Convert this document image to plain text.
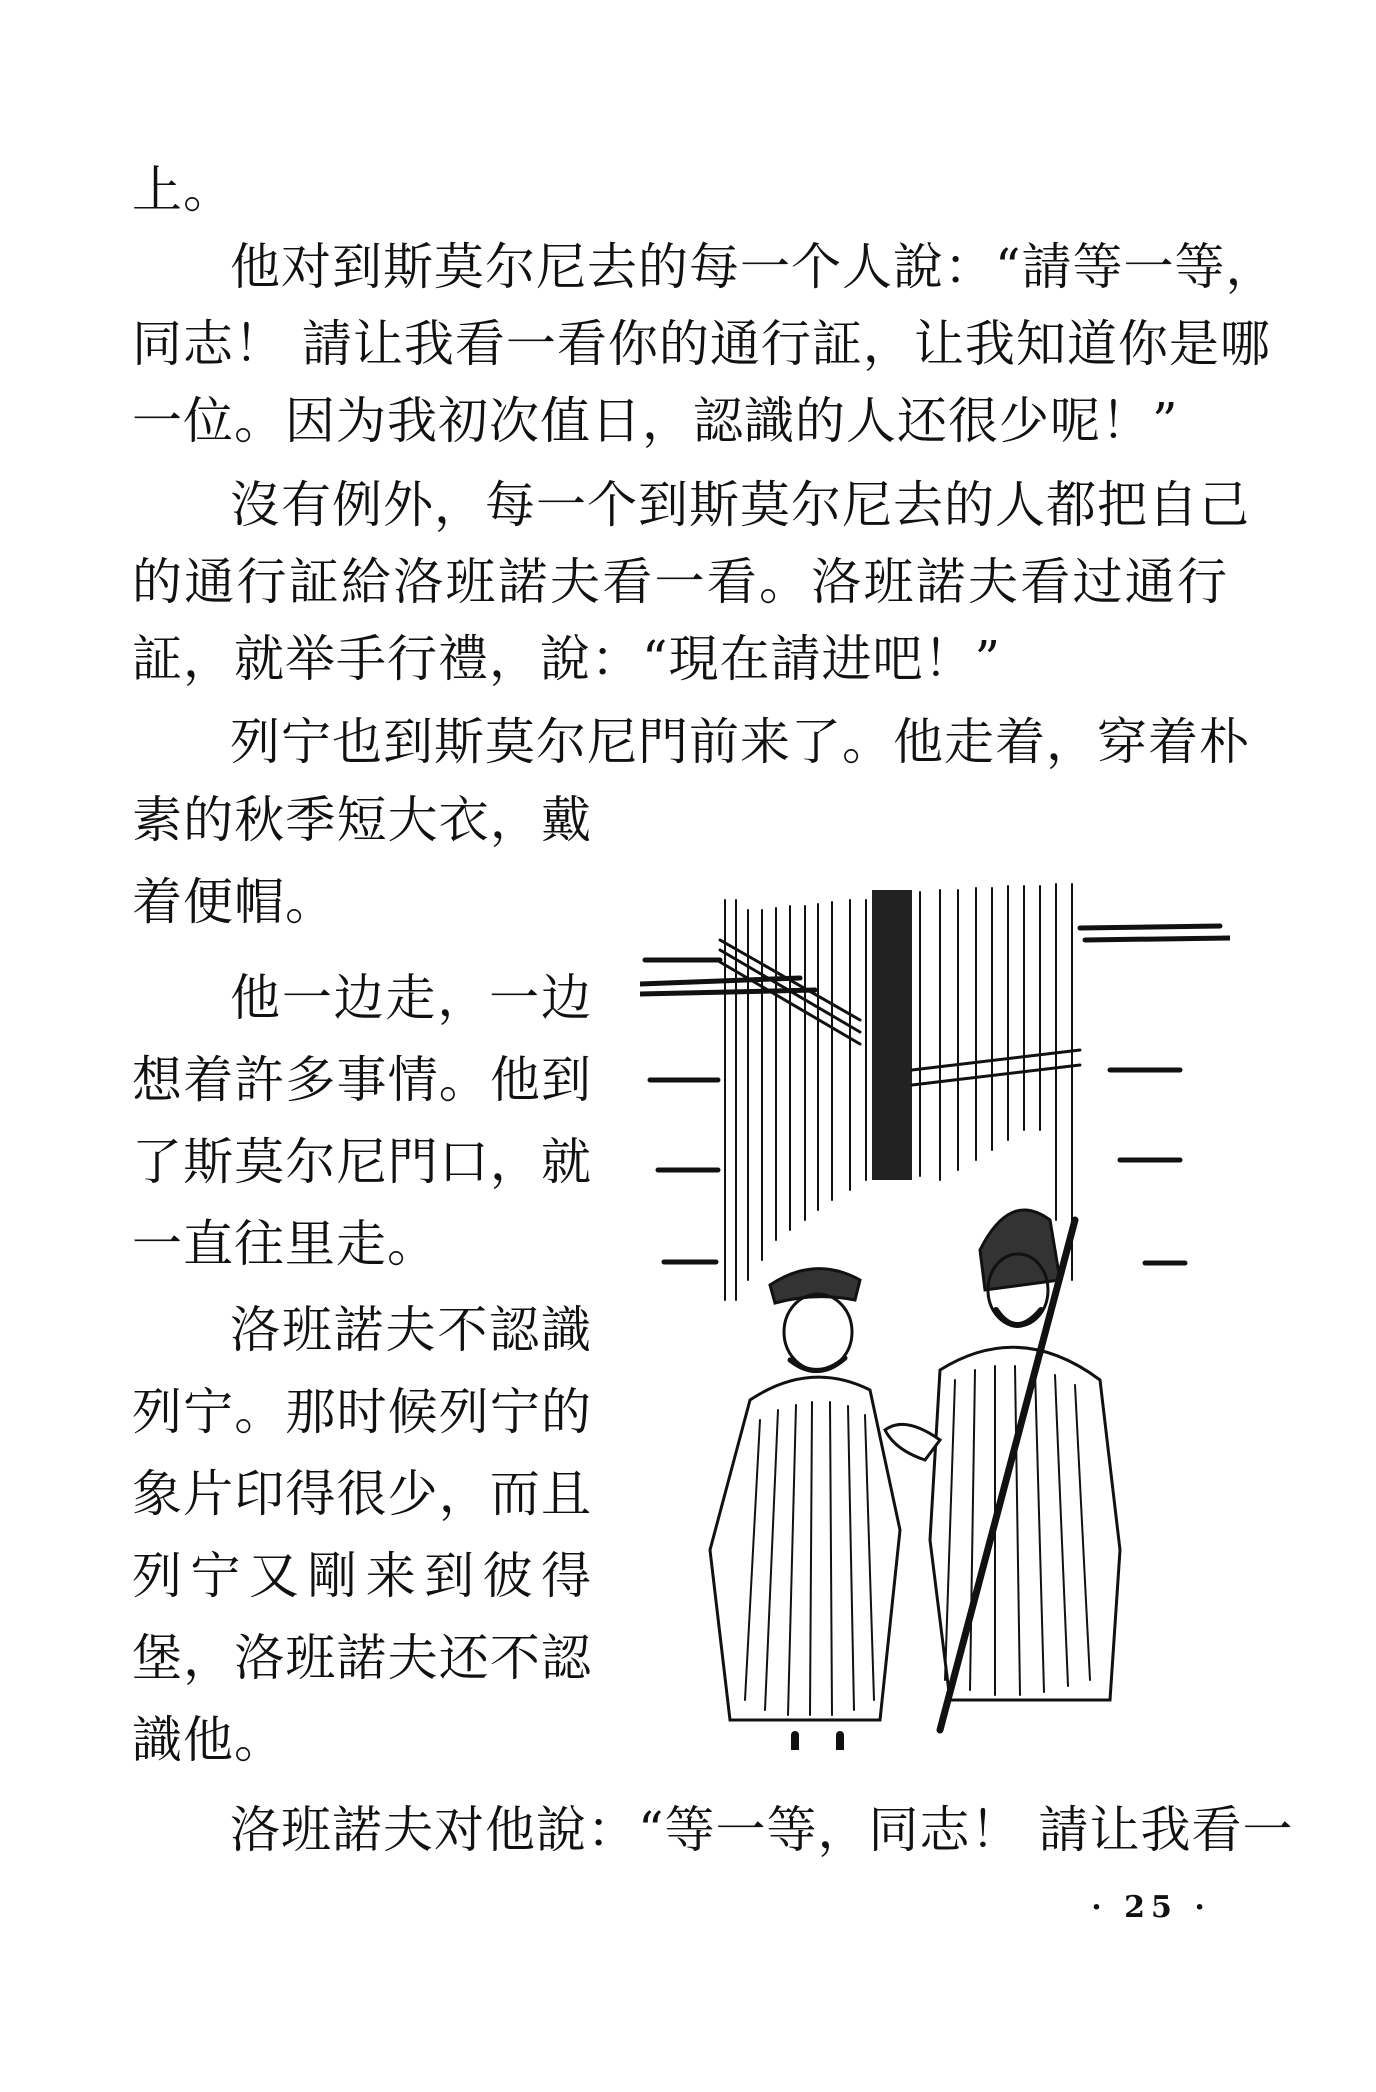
上。
他对到斯莫尔尼去的每一个人說：“請等一等，
同志！ 請让我看一看你的通行証，让我知道你是哪
一位。因为我初次值日，認識的人还很少呢！”
沒有例外，每一个到斯莫尔尼去的人都把自己
的通行証給洛班諾夫看一看。洛班諾夫看过通行
証，就举手行禮，說：“現在請进吧！”
列宁也到斯莫尔尼門前来了。他走着，穿着朴
素的秋季短大衣，戴
着便帽。
他一边走，一边
想着許多事情。他到
了斯莫尔尼門口，就
一直往里走。
洛班諾夫不認識
列宁。那时候列宁的
象片印得很少，而且
列宁又剛来到彼得
堡，洛班諾夫还不認
識他。
洛班諾夫对他說：“等一等，同志！ 請让我看一
· 25 ·
